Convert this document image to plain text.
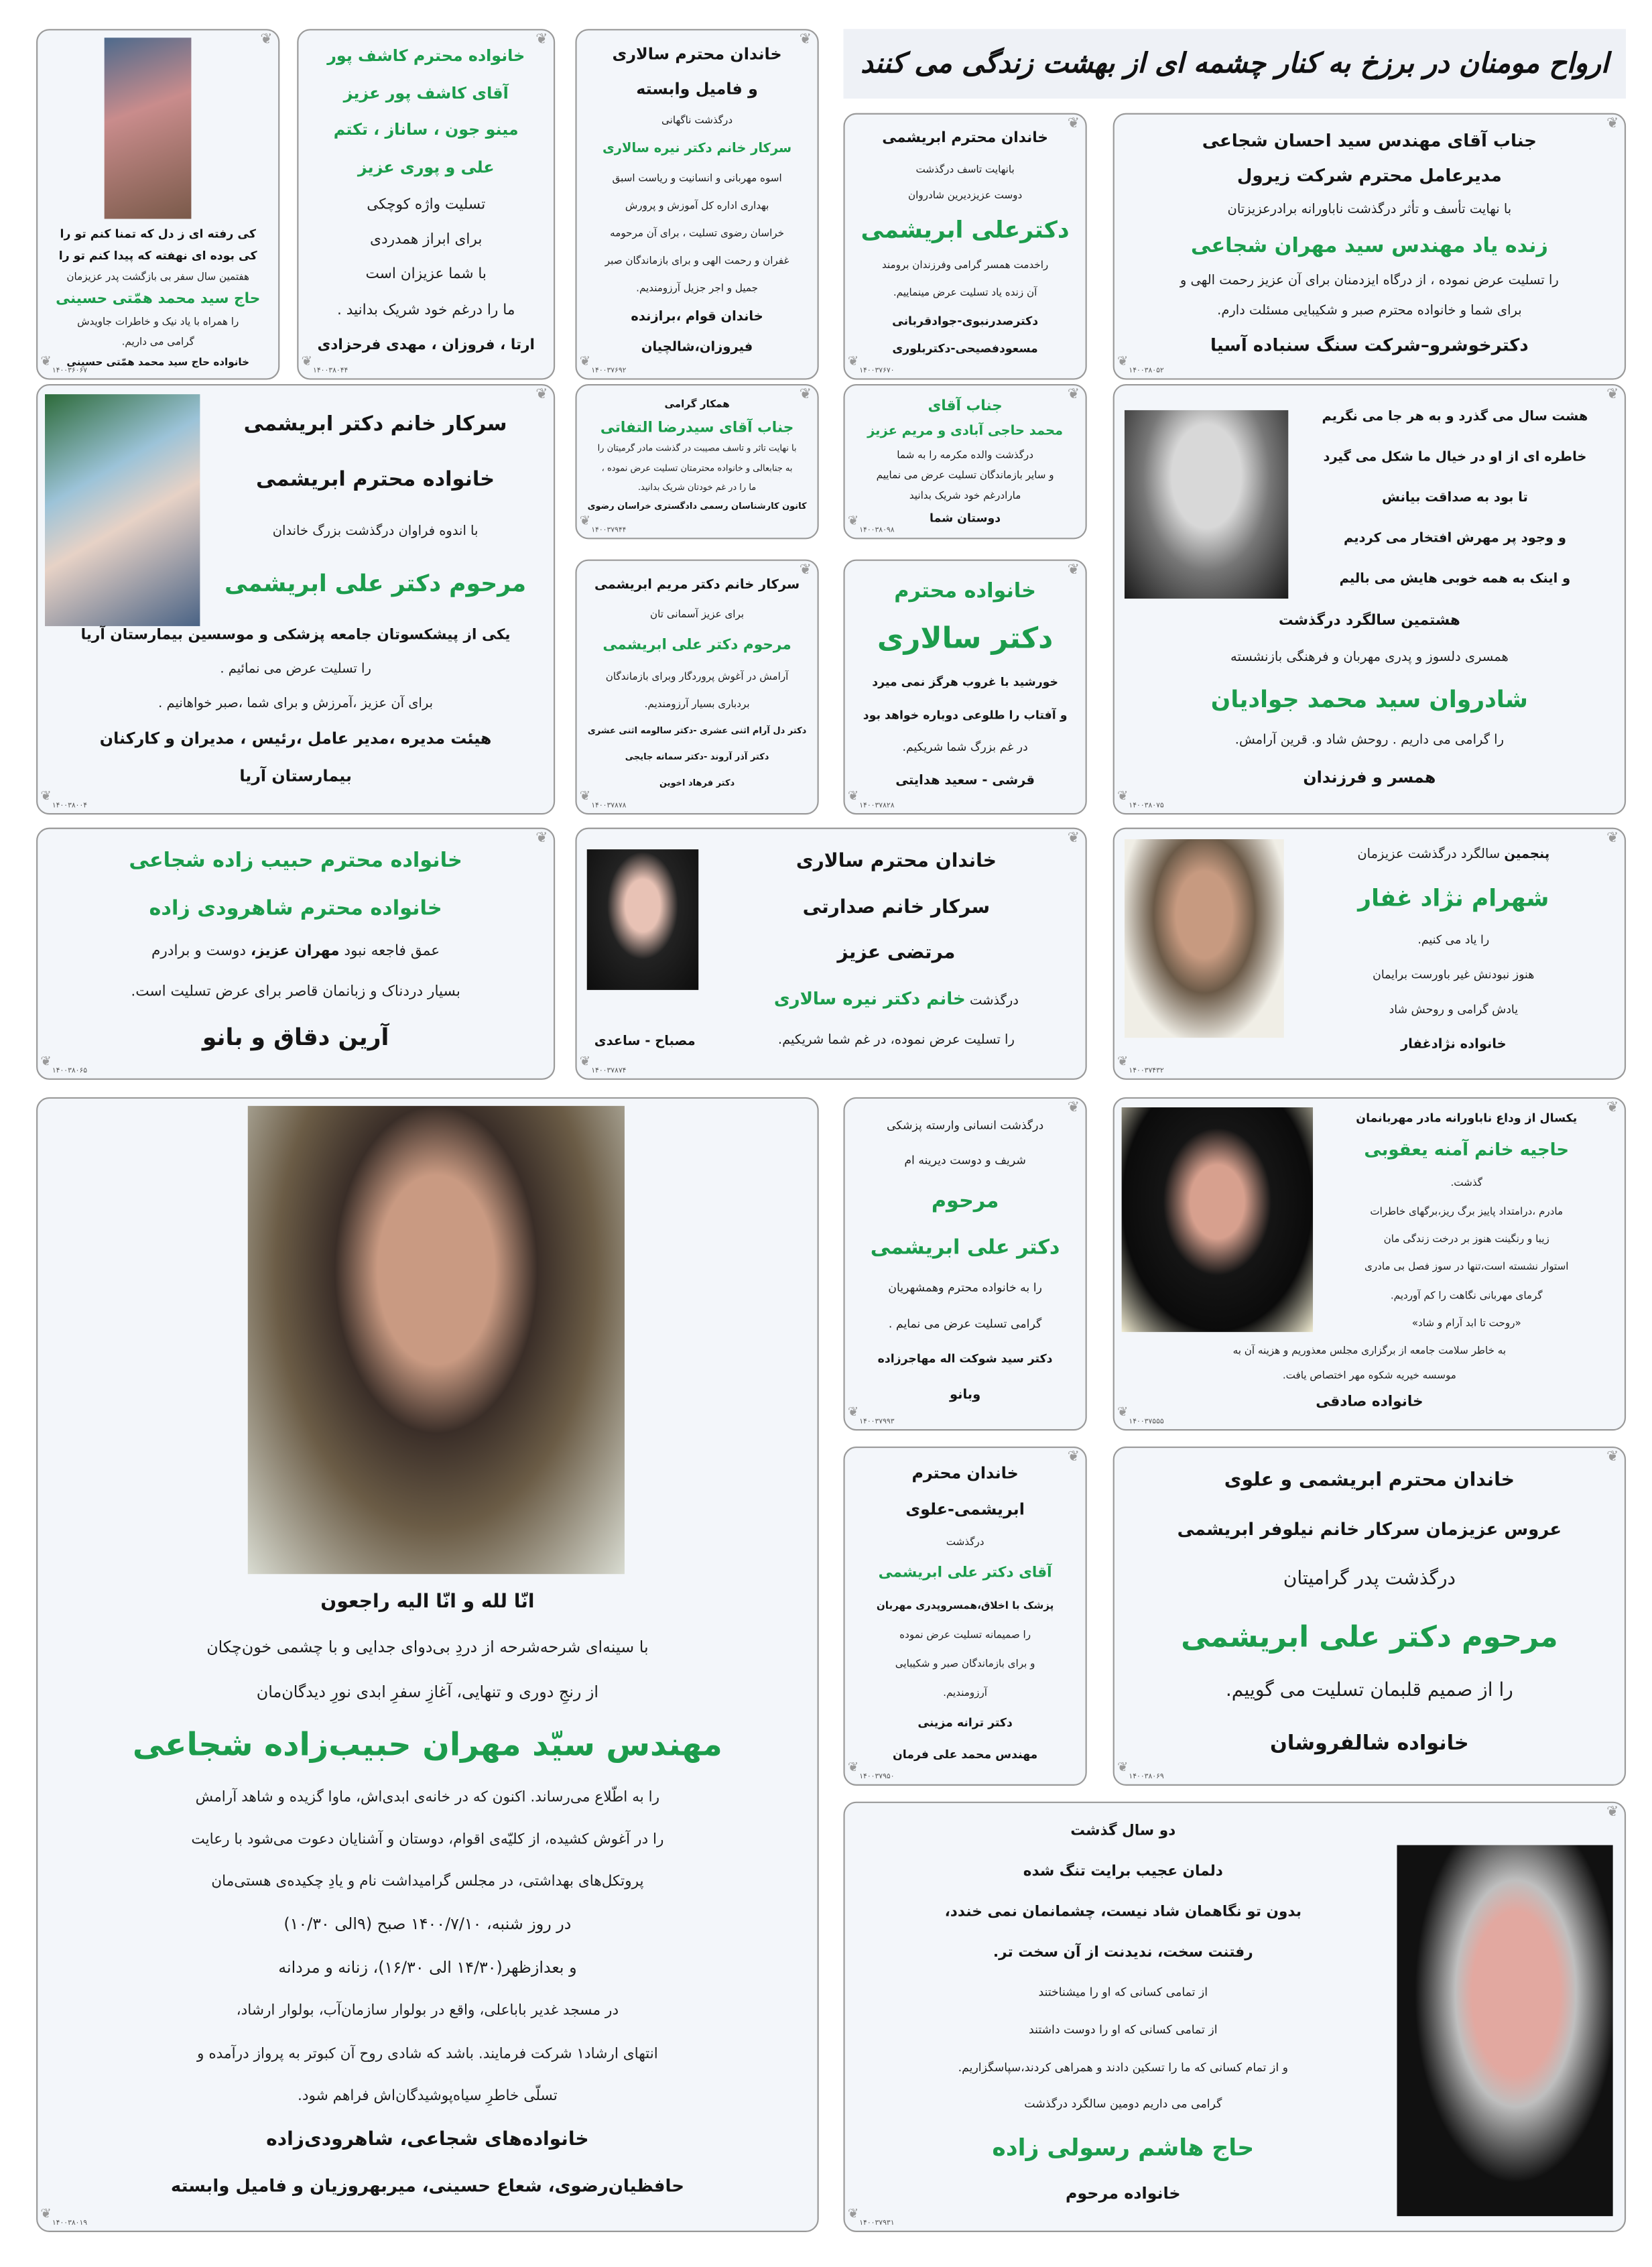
ارواح مومنان در برزخ به کنار چشمه ای از بهشت زندگی می کنند
❦
❦
کی رفته ای ز دل که تمنا کنم تو را
کی بوده ای نهفته که پیدا کنم تو را
هفتمین سال سفر بی بازگشت پدر عزیزمان
حاج سید محمد همّتی حسینی
را همراه با یاد نیک و خاطرات جاویدش
گرامی می داریم.
خانواده حاج سید محمد همّتی حسینی
۱۴۰۰۳۶۰۶۷
❦
❦
خانواده محترم کاشف پور
آقای کاشف پور عزیز
مینو جون ، ساناز ، تکتم
علی و پوری عزیز
تسلیت واژه کوچکی
برای ابراز همدردی
با شما عزیزان است
ما را درغم خود شریک بدانید .
ارتا ، فروزان ، مهدی فرحزادی
۱۴۰۰۳۸۰۴۴
❦
❦
خاندان محترم سالاری
و فامیل وابسته
درگذشت ناگهانی
سرکار خانم دکتر نیره سالاری
اسوه مهربانی و انسانیت و ریاست اسبق
بهداری اداره کل آموزش و پرورش
خراسان رضوی تسلیت ، برای آن مرحومه
غفران و رحمت الهی و برای بازماندگان صبر
جمیل و اجر جزیل آرزومندیم.
خاندان قوام ،برازنده
فیروزان،شالچیان
۱۴۰۰۳۷۶۹۲
❦
❦
خاندان محترم ابریشمی
بانهایت تاسف درگذشت
دوست عزیزدیرین شادروان
دکترعلی ابریشمی
راخدمت همسر گرامی وفرزندان برومند
آن زنده یاد تسلیت عرض مینماییم.
دکترصدرنبوی-جوادقربانی
مسعودفصیحی-دکتربلوری
۱۴۰۰۳۷۶۷۰
❦
❦
جناب آقای مهندس سید احسان شجاعی
مدیرعامل محترم شرکت زیرول
با نهایت تأسف و تأثر درگذشت ناباورانه برادرعزیزتان
زنده یاد مهندس سید مهران شجاعی
را تسلیت عرض نموده ، از درگاه ایزدمنان برای آن عزیز رحمت الهی و
برای شما و خانواده محترم صبر و شکیبایی مسئلت دارم.
دکترخوشرو–شرکت سنگ سنباده آسیا
۱۴۰۰۳۸۰۵۲
❦
❦
سرکار خانم دکتر ابریشمی
خانواده محترم ابریشمی
با اندوه فراوان درگذشت بزرگ خاندان
مرحوم دکتر علی ابریشمی
یکی از پیشکسوتان جامعه پزشکی و موسسین بیمارستان آریا
را تسلیت عرض می نمائیم .
برای آن عزیز ،آمرزش و برای شما ،صبر خواهانیم .
هیئت مدیره ،مدیر عامل ،رئیس ، مدیران و کارکنان
بیمارستان آریا
۱۴۰۰۳۸۰۰۴
❦
❦
همکار گرامی
جناب آقای سیدرضا التفاتی
با نهایت تاثر و تاسف مصیبت در گذشت مادر گرمیتان را
به جنابعالی و خانواده محترمتان تسلیت عرض نموده ،
ما را در غم خودتان شریک بدانید.
کانون کارشناسان رسمی دادگستری خراسان رضوی
۱۴۰۰۳۷۹۴۴
❦
❦
جناب آقای
محمد حاجی آبادی و مریم عزیز
درگذشت والده مکرمه را به شما
و سایر بازماندگان تسلیت عرض می نماییم
مارادرغم خود شریک بدانید
دوستان شما
۱۴۰۰۳۸۰۹۸
❦
❦
سرکار خانم دکتر مریم ابریشمی
برای عزیز آسمانی تان
مرحوم دکتر علی ابریشمی
آرامش در آغوش پروردگار وبرای بازماندگان
بردباری بسیار آرزومندیم.
دکتر دل آرام اثنی عشری -دکتر سالومه اثنی عشری
دکتر آذر آروند -دکتر سمانه جایجی
دکتر فرهاد اخوین
۱۴۰۰۳۷۸۷۸
❦
❦
خانواده محترم
دکتر سالاری
خورشید با غروب هرگز نمی میرد
و آفتاب را طلوعی دوباره خواهد بود
در غم بزرگ شما شریکیم.
قرشی - سعید هدایتی
۱۴۰۰۳۷۸۲۸
❦
❦
هشت سال می گذرد و به هر جا می نگریم
خاطره ای از او در خیال ما شکل می گیرد
تا بود به صداقت بیانش
و وجود پر مهرش افتخار می کردیم
و اینک به همه خوبی هایش می بالیم
هشتمین سالگرد درگذشت
همسری دلسوز و پدری مهربان و فرهنگی بازنشسته
شادروان سید محمد جوادیان
را گرامی می داریم . روحش شاد و. قرین آرامش.
همسر و فرزندان
۱۴۰۰۳۸۰۷۵
❦
❦
خانواده محترم حبیب زاده شجاعی
خانواده محترم شاهرودی زاده
عمق فاجعه نبود مهران عزیز، دوست و برادرم
بسیار دردناک و زبانمان قاصر برای عرض تسلیت است.
آرین دقاق و بانو
۱۴۰۰۳۸۰۶۵
❦
❦
مصباح - ساعدی
خاندان محترم سالاری
سرکار خانم صدارتی
مرتضی عزیز
درگذشت خانم دکتر نیره سالاری
را تسلیت عرض نموده، در غم شما شریکیم.
۱۴۰۰۳۷۸۷۴
❦
❦
پنجمین سالگرد درگذشت عزیزمان
شهرام نژاد غفار
را یاد می کنیم.
هنوز نبودنش غیر باورست برایمان
یادش گرامی و روحش شاد
خانواده نژادغفار
۱۴۰۰۳۷۴۳۲
انّا لله و انّا الیه راجعون
با سینه‌ای شرحه‌شرحه از دردِ بی‌دوای جدایی و با چشمی خون‌چکان
از رنجِ دوری و تنهایی، آغازِ سفرِ ابدی نورِ دیدگان‌مان
مهندس سیّد مهران حبیب‌زاده شجاعی
را به اطّلاع می‌رساند. اکنون که در خانه‌ی ابدی‌اش، ماوا گزیده و شاهد آرامش
را در آغوش کشیده، از کلیّه‌ی اقوام، دوستان و آشنایان دعوت می‌شود با رعایت
پروتکل‌های بهداشتی، در مجلس گرامیداشت نام و یادِ چکیده‌ی هستی‌مان
در روز شنبه، ۱۴۰۰/۷/۱۰ صبح (۹الی ۱۰/۳۰)
و بعدازظهر(۱۴/۳۰ الی ۱۶/۳۰)، زنانه و مردانه
در مسجد غدیر باباعلی، واقع در بولوار سازمان‌آب، بولوار ارشاد،
انتهای ارشاد۱ شرکت فرمایند. باشد که شادی روح آن کبوتر به پرواز درآمده و
تسلّی خاطرِ سیاه‌پوشیدگان‌اش فراهم شود.
خانواده‌های شجاعی، شاهرودی‌زاده
حافظیان‌رضوی، شعاع حسینی، میربهروزیان و فامیل وابسته
❦
۱۴۰۰۳۸۰۱۹
❦
❦
درگذشت انسانی وارسته پزشکی
شریف و دوست دیرینه ام
مرحوم
دکتر علی ابریشمی
را به خانواده محترم وهمشهریان
گرامی تسلیت عرض می نمایم .
دکتر سید شوکت اله مهاجرزاده
وبانو
۱۴۰۰۳۷۹۹۳
❦
❦
یکسال از وداع ناباورانه مادر مهربانمان
حاجیه خانم آمنه یعقوبی
گذشت.
مادرم ،درامتداد پاییز برگ ریز،برگهای خاطرات
زیبا و رنگینت هنوز بر درخت زندگی مان
استوار نشسته است،تنها در سوز فصل بی مادری
گرمای مهربانی نگاهت را کم آوردیم.
«روحت تا ابد آرام و شاد»
به خاطر سلامت جامعه از برگزاری مجلس معذوریم و هزینه آن به
موسسه خیریه شکوه مهر اختصاص یافت.
خانواده صادقی
۱۴۰۰۳۷۵۵۵
❦
❦
خاندان محترم
ابریشمی-علوی
درگذشت
آقای دکتر علی ابریشمی
پزشک با اخلاق،همسروپدری مهربان
را صمیمانه تسلیت عرض نموده
و برای بازماندگان صبر و شکیبایی
آرزومندیم.
دکتر ترانه مزینی
مهندس محمد علی فرمان
۱۴۰۰۳۷۹۵۰
❦
❦
خاندان محترم ابریشمی و علوی
عروس عزیزمان سرکار خانم نیلوفر ابریشمی
درگذشت پدر گرامیتان
مرحوم دکتر علی ابریشمی
را از صمیم قلبمان تسلیت می گوییم.
خانواده شالفروشان
۱۴۰۰۳۸۰۶۹
❦
❦
دو سال گذشت
دلمان عجیب برایت تنگ شده
بدون تو نگاهمان شاد نیست، چشمانمان نمی خندد،
رفتنت سخت، ندیدنت از آن سخت تر.
از تمامی کسانی که او را میشناختند
از تمامی کسانی که او را دوست داشتند
و از تمام کسانی که ما را تسکین دادند و همراهی کردند،سپاسگزاریم.
گرامی می داریم دومین سالگرد درگذشت
حاج هاشم رسولی زاده
خانواده مرحوم
۱۴۰۰۳۷۹۳۱
